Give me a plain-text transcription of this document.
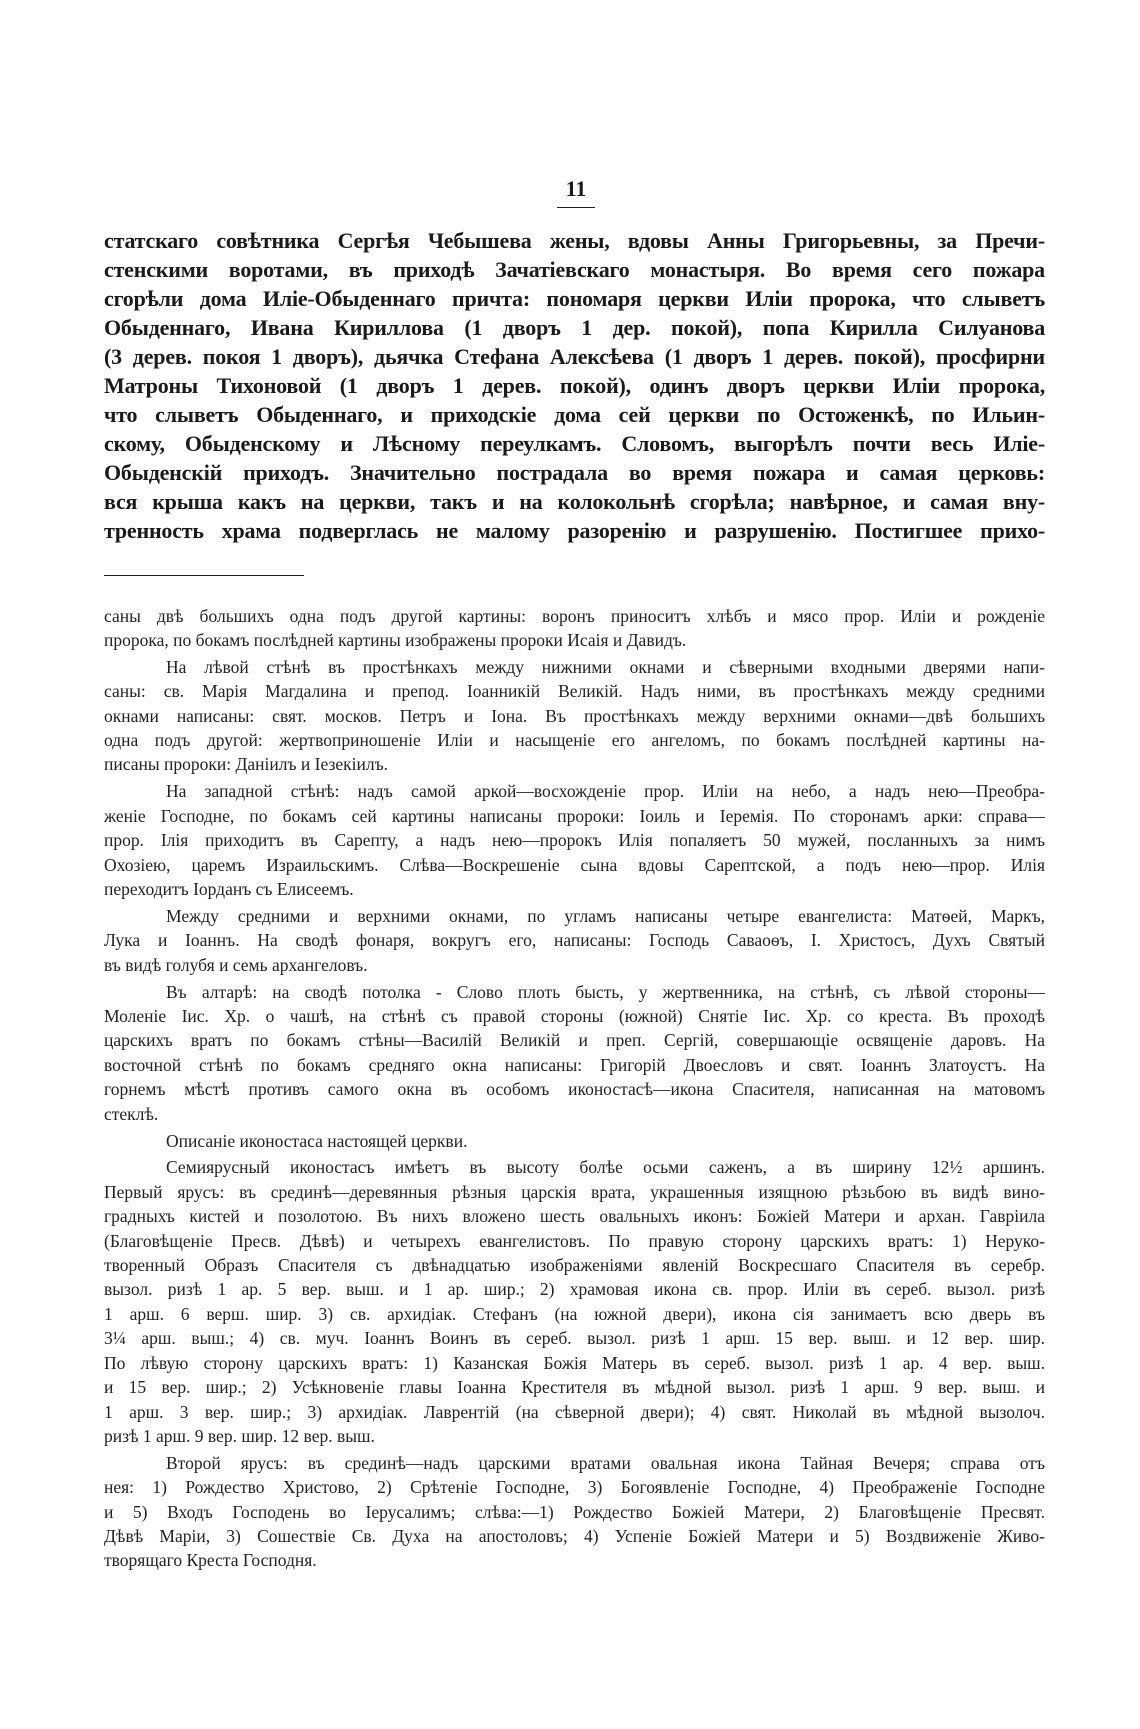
11
статскаго совѣтника Сергѣя Чебышева жены, вдовы Анны Григорьевны, за Пречи-
стенскими воротами, въ приходѣ Зачатіевскаго монастыря. Во время сего пожара
сгорѣли дома Иліе-Обыденнаго причта: пономаря церкви Иліи пророка, что слыветъ
Обыденнаго, Ивана Кириллова (1 дворъ 1 дер. покой), попа Кирилла Силуанова
(3 дерев. покоя 1 дворъ), дьячка Стефана Алексѣева (1 дворъ 1 дерев. покой), просфирни
Матроны Тихоновой (1 дворъ 1 дерев. покой), одинъ дворъ церкви Иліи пророка,
что слыветъ Обыденнаго, и приходскіе дома сей церкви по Остоженкѣ, по Ильин-
скому, Обыденскому и Лѣсному переулкамъ. Словомъ, выгорѣлъ почти весь Иліе-
Обыденскій приходъ. Значительно пострадала во время пожара и самая церковь:
вся крыша какъ на церкви, такъ и на колокольнѣ сгорѣла; навѣрное, и самая вну-
тренность храма подверглась не малому разоренію и разрушенію. Постигшее прихо-
саны двѣ большихъ одна подъ другой картины: воронъ приноситъ хлѣбъ и мясо прор. Иліи и рожденіе
пророка, по бокамъ послѣдней картины изображены пророки Исаія и Давидъ.
На лѣвой стѣнѣ въ простѣнкахъ между нижними окнами и сѣверными входными дверями напи-
саны: св. Марія Магдалина и препод. Іоанникій Великій. Надъ ними, въ простѣнкахъ между средними
окнами написаны: свят. москов. Петръ и Іона. Въ простѣнкахъ между верхними окнами—двѣ большихъ
одна подъ другой: жертвоприношеніе Иліи и насыщеніе его ангеломъ, по бокамъ послѣдней картины на-
писаны пророки: Даніилъ и Іезекіилъ.
На западной стѣнѣ: надъ самой аркой—восхожденіе прор. Иліи на небо, а надъ нею—Преобра-
женіе Господне, по бокамъ сей картины написаны пророки: Іоиль и Іеремія. По сторонамъ арки: справа—
прор. Ілія приходитъ въ Сарепту, а надъ нею—пророкъ Илія попаляетъ 50 мужей, посланныхъ за нимъ
Охозіею, царемъ Израильскимъ. Слѣва—Воскрешеніе сына вдовы Сарептской, а подъ нею—прор. Илія
переходитъ Іорданъ съ Елисеемъ.
Между средними и верхними окнами, по угламъ написаны четыре евангелиста: Матѳей, Маркъ,
Лука и Іоаннъ. На сводѣ фонаря, вокругъ его, написаны: Господь Саваоѳъ, І. Христосъ, Духъ Святый
въ видѣ голубя и семь архангеловъ.
Въ алтарѣ: на сводѣ потолка - Слово плоть бысть, у жертвенника, на стѣнѣ, съ лѣвой стороны—
Моленіе Іис. Хр. о чашѣ, на стѣнѣ съ правой стороны (южной) Снятіе Іис. Хр. со креста. Въ проходѣ
царскихъ вратъ по бокамъ стѣны—Василій Великій и преп. Сергій, совершающіе освященіе даровъ. На
восточной стѣнѣ по бокамъ средняго окна написаны: Григорій Двоесловъ и свят. Іоаннъ Златоустъ. На
горнемъ мѣстѣ противъ самого окна въ особомъ иконостасѣ—икона Спасителя, написанная на матовомъ
стеклѣ.
Описаніе иконостаса настоящей церкви.
Семиярусный иконостасъ имѣетъ въ высоту болѣе осьми саженъ, а въ ширину 12½ аршинъ.
Первый ярусъ: въ срединѣ—деревянныя рѣзныя царскія врата, украшенныя изящною рѣзьбою въ видѣ вино-
градныхъ кистей и позолотою. Въ нихъ вложено шесть овальныхъ иконъ: Божіей Матери и архан. Гавріила
(Благовѣщеніе Пресв. Дѣвѣ) и четырехъ евангелистовъ. По правую сторону царскихъ вратъ: 1) Неруко-
творенный Образъ Спасителя съ двѣнадцатью изображеніями явленій Воскресшаго Спасителя въ серебр.
вызол. ризѣ 1 ар. 5 вер. выш. и 1 ар. шир.; 2) храмовая икона св. прор. Иліи въ сереб. вызол. ризѣ
1 арш. 6 верш. шир. 3) св. архидіак. Стефанъ (на южной двери), икона сія занимаетъ всю дверь въ
3¼ арш. выш.; 4) св. муч. Іоаннъ Воинъ въ сереб. вызол. ризѣ 1 арш. 15 вер. выш. и 12 вер. шир.
По лѣвую сторону царскихъ вратъ: 1) Казанская Божія Матерь въ сереб. вызол. ризѣ 1 ар. 4 вер. выш.
и 15 вер. шир.; 2) Усѣкновеніе главы Іоанна Крестителя въ мѣдной вызол. ризѣ 1 арш. 9 вер. выш. и
1 арш. 3 вер. шир.; 3) архидіак. Лаврентій (на сѣверной двери); 4) свят. Николай въ мѣдной вызолоч.
ризѣ 1 арш. 9 вер. шир. 12 вер. выш.
Второй ярусъ: въ срединѣ—надъ царскими вратами овальная икона Тайная Вечеря; справа отъ
нея: 1) Рождество Христово, 2) Срѣтеніе Господне, 3) Богоявленіе Господне, 4) Преображеніе Господне
и 5) Входъ Господень во Іерусалимъ; слѣва:—1) Рождество Божіей Матери, 2) Благовѣщеніе Пресвят.
Дѣвѣ Маріи, 3) Сошествіе Св. Духа на апостоловъ; 4) Успеніе Божіей Матери и 5) Воздвиженіе Живо-
творящаго Креста Господня.
